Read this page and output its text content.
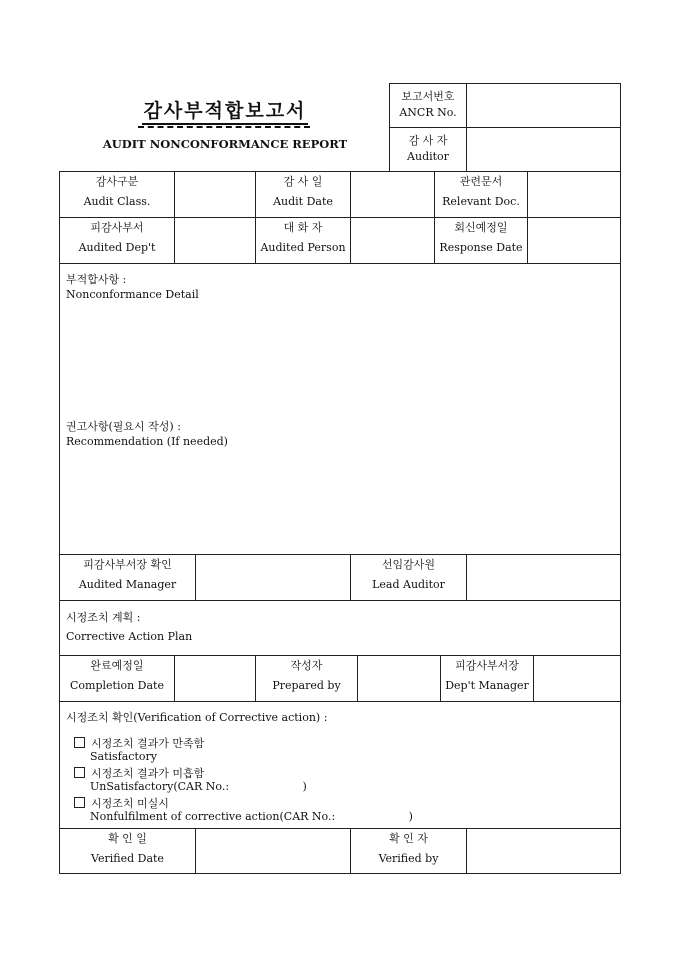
감사부적합보고서
AUDIT NONCONFORMANCE REPORT
보고서번호
ANCR No.
감 사 자
Auditor
감사구분
Audit Class.
감 사 일
Audit Date
관련문서
Relevant Doc.
피감사부서
Audited Dep't
대 화 자
Audited Person
회신예정일
Response Date
부적합사항 :
Nonconformance Detail
권고사항(필요시 작성) :
Recommendation (If needed)
피감사부서장 확인
Audited Manager
선임감사원
Lead Auditor
시정조치 계획 :
Corrective Action Plan
완료예정일
Completion Date
작성자
Prepared by
피감사부서장
Dep't Manager
시정조치 확인(Verification of Corrective action) :
시정조치 결과가 만족함
Satisfactory
시정조치 결과가 미흡함
UnSatisfactory(CAR No.:                     )
시정조치 미실시
Nonfulfilment of corrective action(CAR No.:                     )
확 인 일
Verified Date
확 인 자
Verified by
